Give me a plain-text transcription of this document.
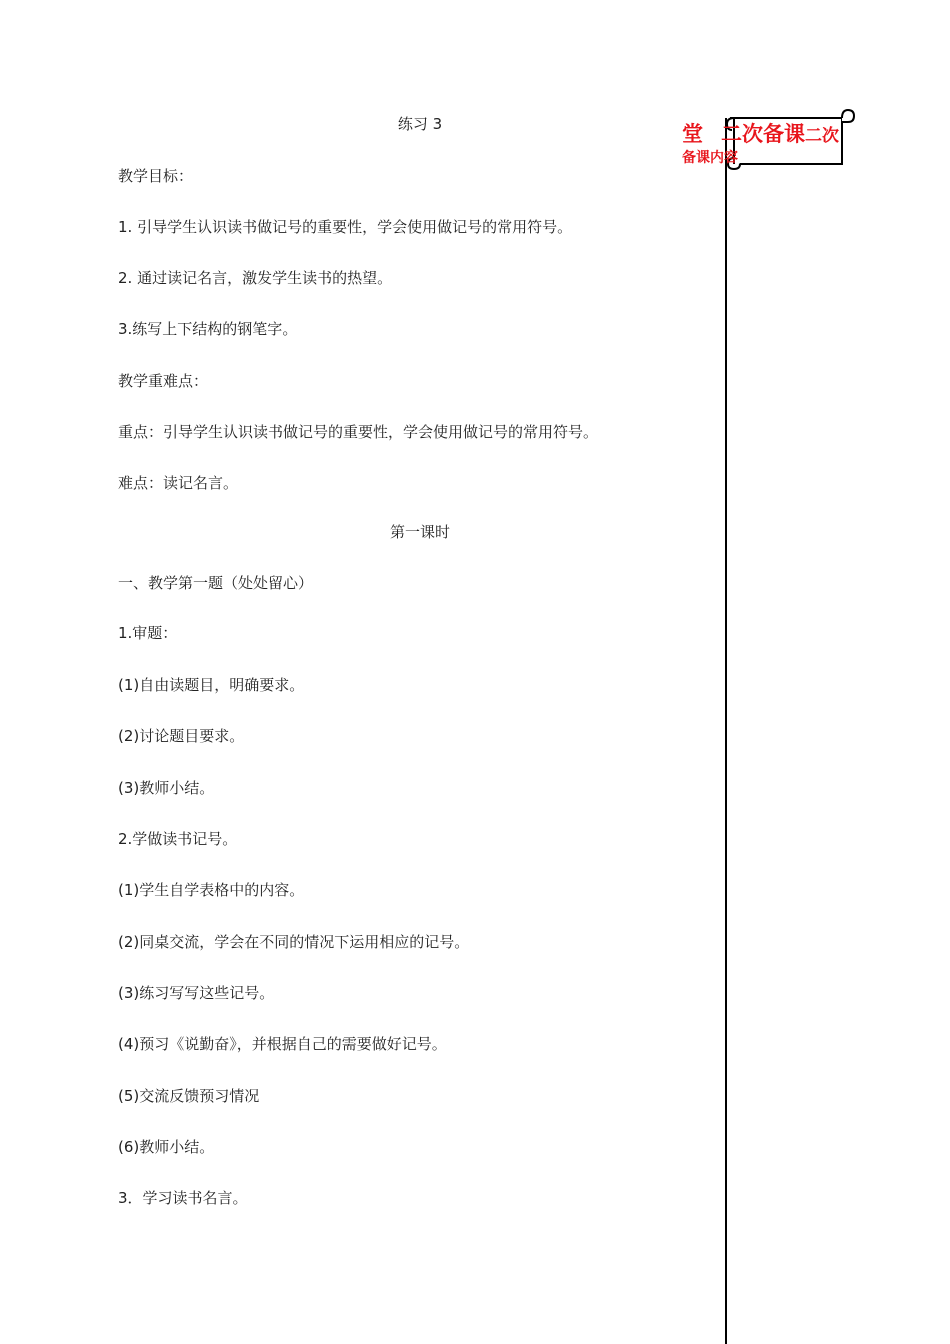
练习 3
教学目标：
1. 引导学生认识读书做记号的重要性，学会使用做记号的常用符号。
2. 通过读记名言，激发学生读书的热望。
3.练写上下结构的钢笔字。
教学重难点：
重点：引导学生认识读书做记号的重要性，学会使用做记号的常用符号。
难点：读记名言。
第一课时
一、教学第一题（处处留心）
1.审题：
(1)自由读题目，明确要求。
(2)讨论题目要求。
(3)教师小结。
2.学做读书记号。
(1)学生自学表格中的内容。
(2)同桌交流，学会在不同的情况下运用相应的记号。
(3)练习写写这些记号。
(4)预习《说勤奋》，并根据自己的需要做好记号。
(5)交流反馈预习情况
(6)教师小结。
3．学习读书名言。
堂 二次备课二次
备课内容
